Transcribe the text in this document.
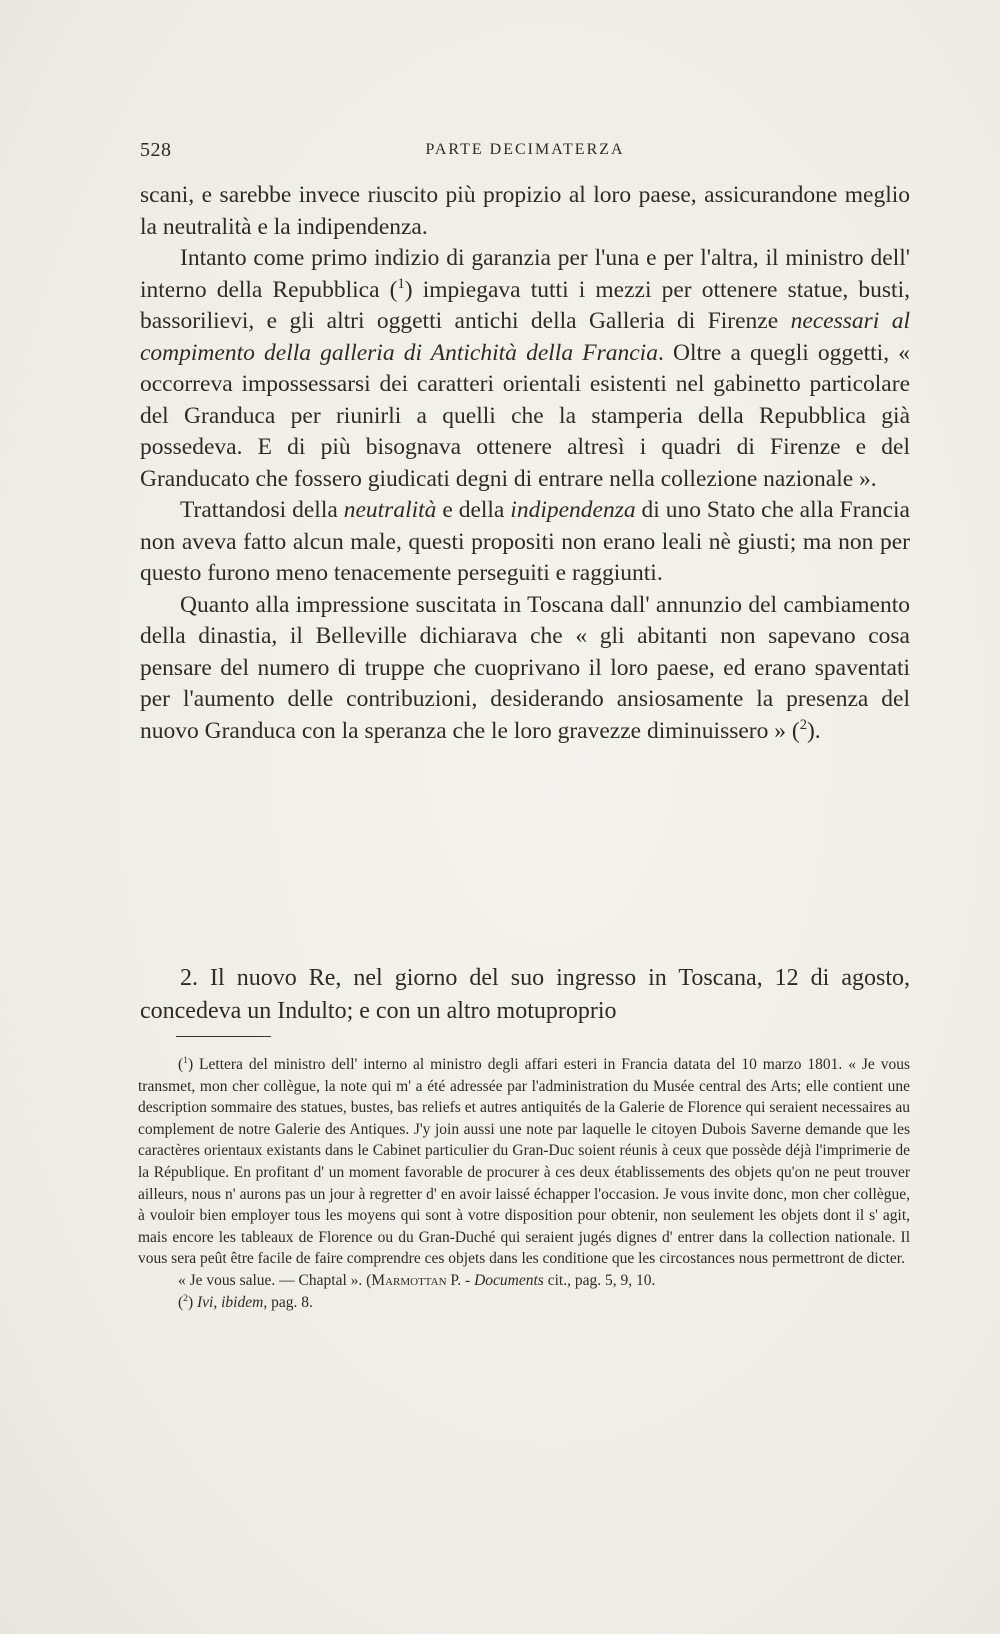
528	PARTE DECIMATERZA

scani, e sarebbe invece riuscito più propizio al loro paese, assicurandone meglio la neutralità e la indipendenza.

Intanto come primo indizio di garanzia per l'una e per l'altra, il ministro dell' interno della Repubblica ($^1$) impiegava tutti i mezzi per ottenere statue, busti, bassorilievi, e gli altri oggetti antichi della Galleria di Firenze necessari al compimento della galleria di Antichità della Francia. Oltre a quegli oggetti, « occorreva impossessarsi dei caratteri orientali esistenti nel gabinetto particolare del Granduca per riunirli a quelli che la stamperia della Repubblica già possedeva. E di più bisognava ottenere altresì i quadri di Firenze e del Granducato che fossero giudicati degni di entrare nella collezione nazionale ».

Trattandosi della neutralità e della indipendenza di uno Stato che alla Francia non aveva fatto alcun male, questi propositi non erano leali nè giusti; ma non per questo furono meno tenacemente perseguiti e raggiunti.

Quanto alla impressione suscitata in Toscana dall' annunzio del cambiamento della dinastia, il Belleville dichiarava che « gli abitanti non sapevano cosa pensare del numero di truppe che cuoprivano il loro paese, ed erano spaventati per l'aumento delle contribuzioni, desiderando ansiosamente la presenza del nuovo Granduca con la speranza che le loro gravezze diminuissero » ($^2$).

2. Il nuovo Re, nel giorno del suo ingresso in Toscana, 12 di agosto, concedeva un Indulto; e con un altro motuproprio

($^1$) Lettera del ministro dell' interno al ministro degli affari esteri in Francia datata del 10 marzo 1801. « Je vous transmet, mon cher collègue, la note qui m' a été adressée par l'administration du Musée central des Arts; elle contient une description sommaire des statues, bustes, bas reliefs et autres antiquités de la Galerie de Florence qui seraient necessaires au complement de notre Galerie des Antiques. J'y join aussi une note par laquelle le citoyen Dubois Saverne demande que les caractères orientaux existants dans le Cabinet particulier du Gran-Duc soient réunis à ceux que possède déjà l'imprimerie de la République. En profitant d' un moment favorable de procurer à ces deux établissements des objets qu'on ne peut trouver ailleurs, nous n' aurons pas un jour à regretter d' en avoir laissé échapper l'occasion. Je vous invite donc, mon cher collègue, à vouloir bien employer tous les moyens qui sont à votre disposition pour obtenir, non seulement les objets dont il s' agit, mais encore les tableaux de Florence ou du Gran-Duché qui seraient jugés dignes d' entrer dans la collection nationale. Il vous sera peût être facile de faire comprendre ces objets dans les conditione que les circostances nous permettront de dicter.

« Je vous salue. — Chaptal ». (Marmottan P. - Documents cit., pag. 5, 9, 10.

($^2$) Ivi, ibidem, pag. 8.
